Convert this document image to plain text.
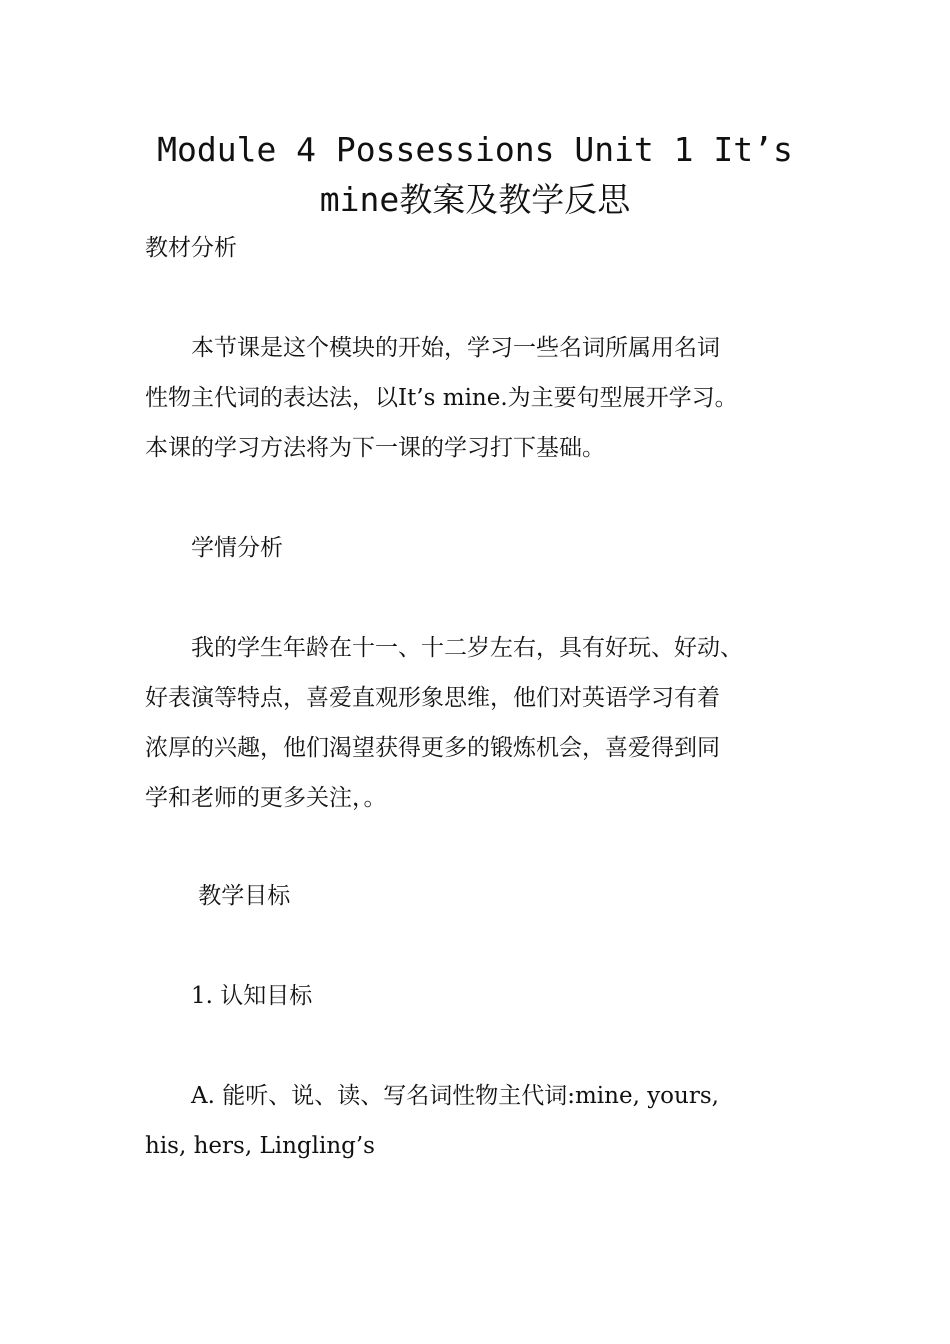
Module 4 Possessions Unit 1 It’s
mine教案及教学反思
教材分析
　　本节课是这个模块的开始，学习一些名词所属用名词
性物主代词的表达法，以It’s mine.为主要句型展开学习。
本课的学习方法将为下一课的学习打下基础。
　　学情分析
　　我的学生年龄在十一、十二岁左右，具有好玩、好动、
好表演等特点，喜爱直观形象思维，他们对英语学习有着
浓厚的兴趣，他们渴望获得更多的锻炼机会，喜爱得到同
学和老师的更多关注，。
　　 教学目标
　　1. 认知目标
　　A. 能听、说、读、写名词性物主代词:mine, yours,
his, hers, Lingling’s
